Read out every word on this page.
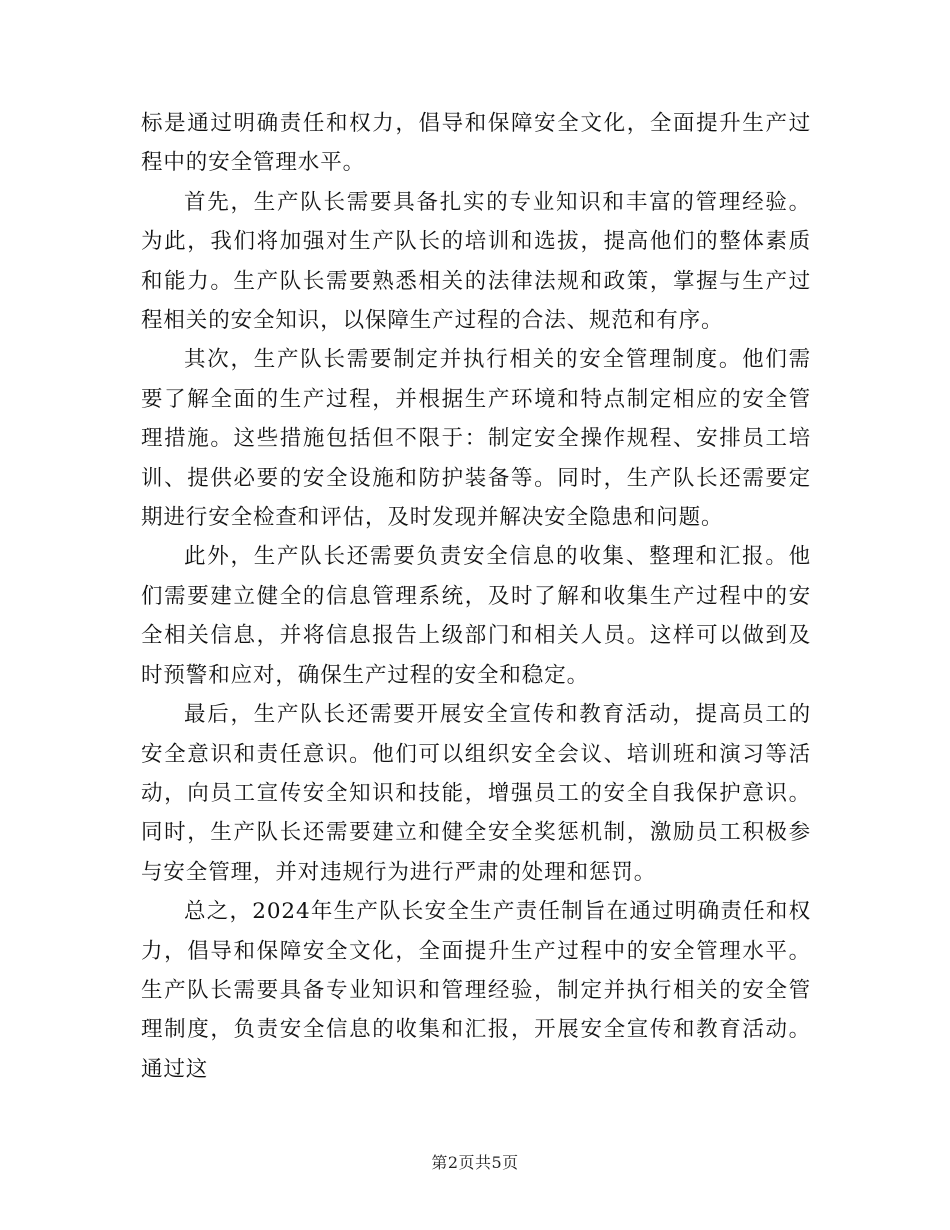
标是通过明确责任和权力，倡导和保障安全文化，全面提升生产过程中的安全管理水平。

首先，生产队长需要具备扎实的专业知识和丰富的管理经验。为此，我们将加强对生产队长的培训和选拔，提高他们的整体素质和能力。生产队长需要熟悉相关的法律法规和政策，掌握与生产过程相关的安全知识，以保障生产过程的合法、规范和有序。

其次，生产队长需要制定并执行相关的安全管理制度。他们需要了解全面的生产过程，并根据生产环境和特点制定相应的安全管理措施。这些措施包括但不限于：制定安全操作规程、安排员工培训、提供必要的安全设施和防护装备等。同时，生产队长还需要定期进行安全检查和评估，及时发现并解决安全隐患和问题。

此外，生产队长还需要负责安全信息的收集、整理和汇报。他们需要建立健全的信息管理系统，及时了解和收集生产过程中的安全相关信息，并将信息报告上级部门和相关人员。这样可以做到及时预警和应对，确保生产过程的安全和稳定。

最后，生产队长还需要开展安全宣传和教育活动，提高员工的安全意识和责任意识。他们可以组织安全会议、培训班和演习等活动，向员工宣传安全知识和技能，增强员工的安全自我保护意识。同时，生产队长还需要建立和健全安全奖惩机制，激励员工积极参与安全管理，并对违规行为进行严肃的处理和惩罚。

总之，2024年生产队长安全生产责任制旨在通过明确责任和权力，倡导和保障安全文化，全面提升生产过程中的安全管理水平。生产队长需要具备专业知识和管理经验，制定并执行相关的安全管理制度，负责安全信息的收集和汇报，开展安全宣传和教育活动。通过这

第2页共5页
